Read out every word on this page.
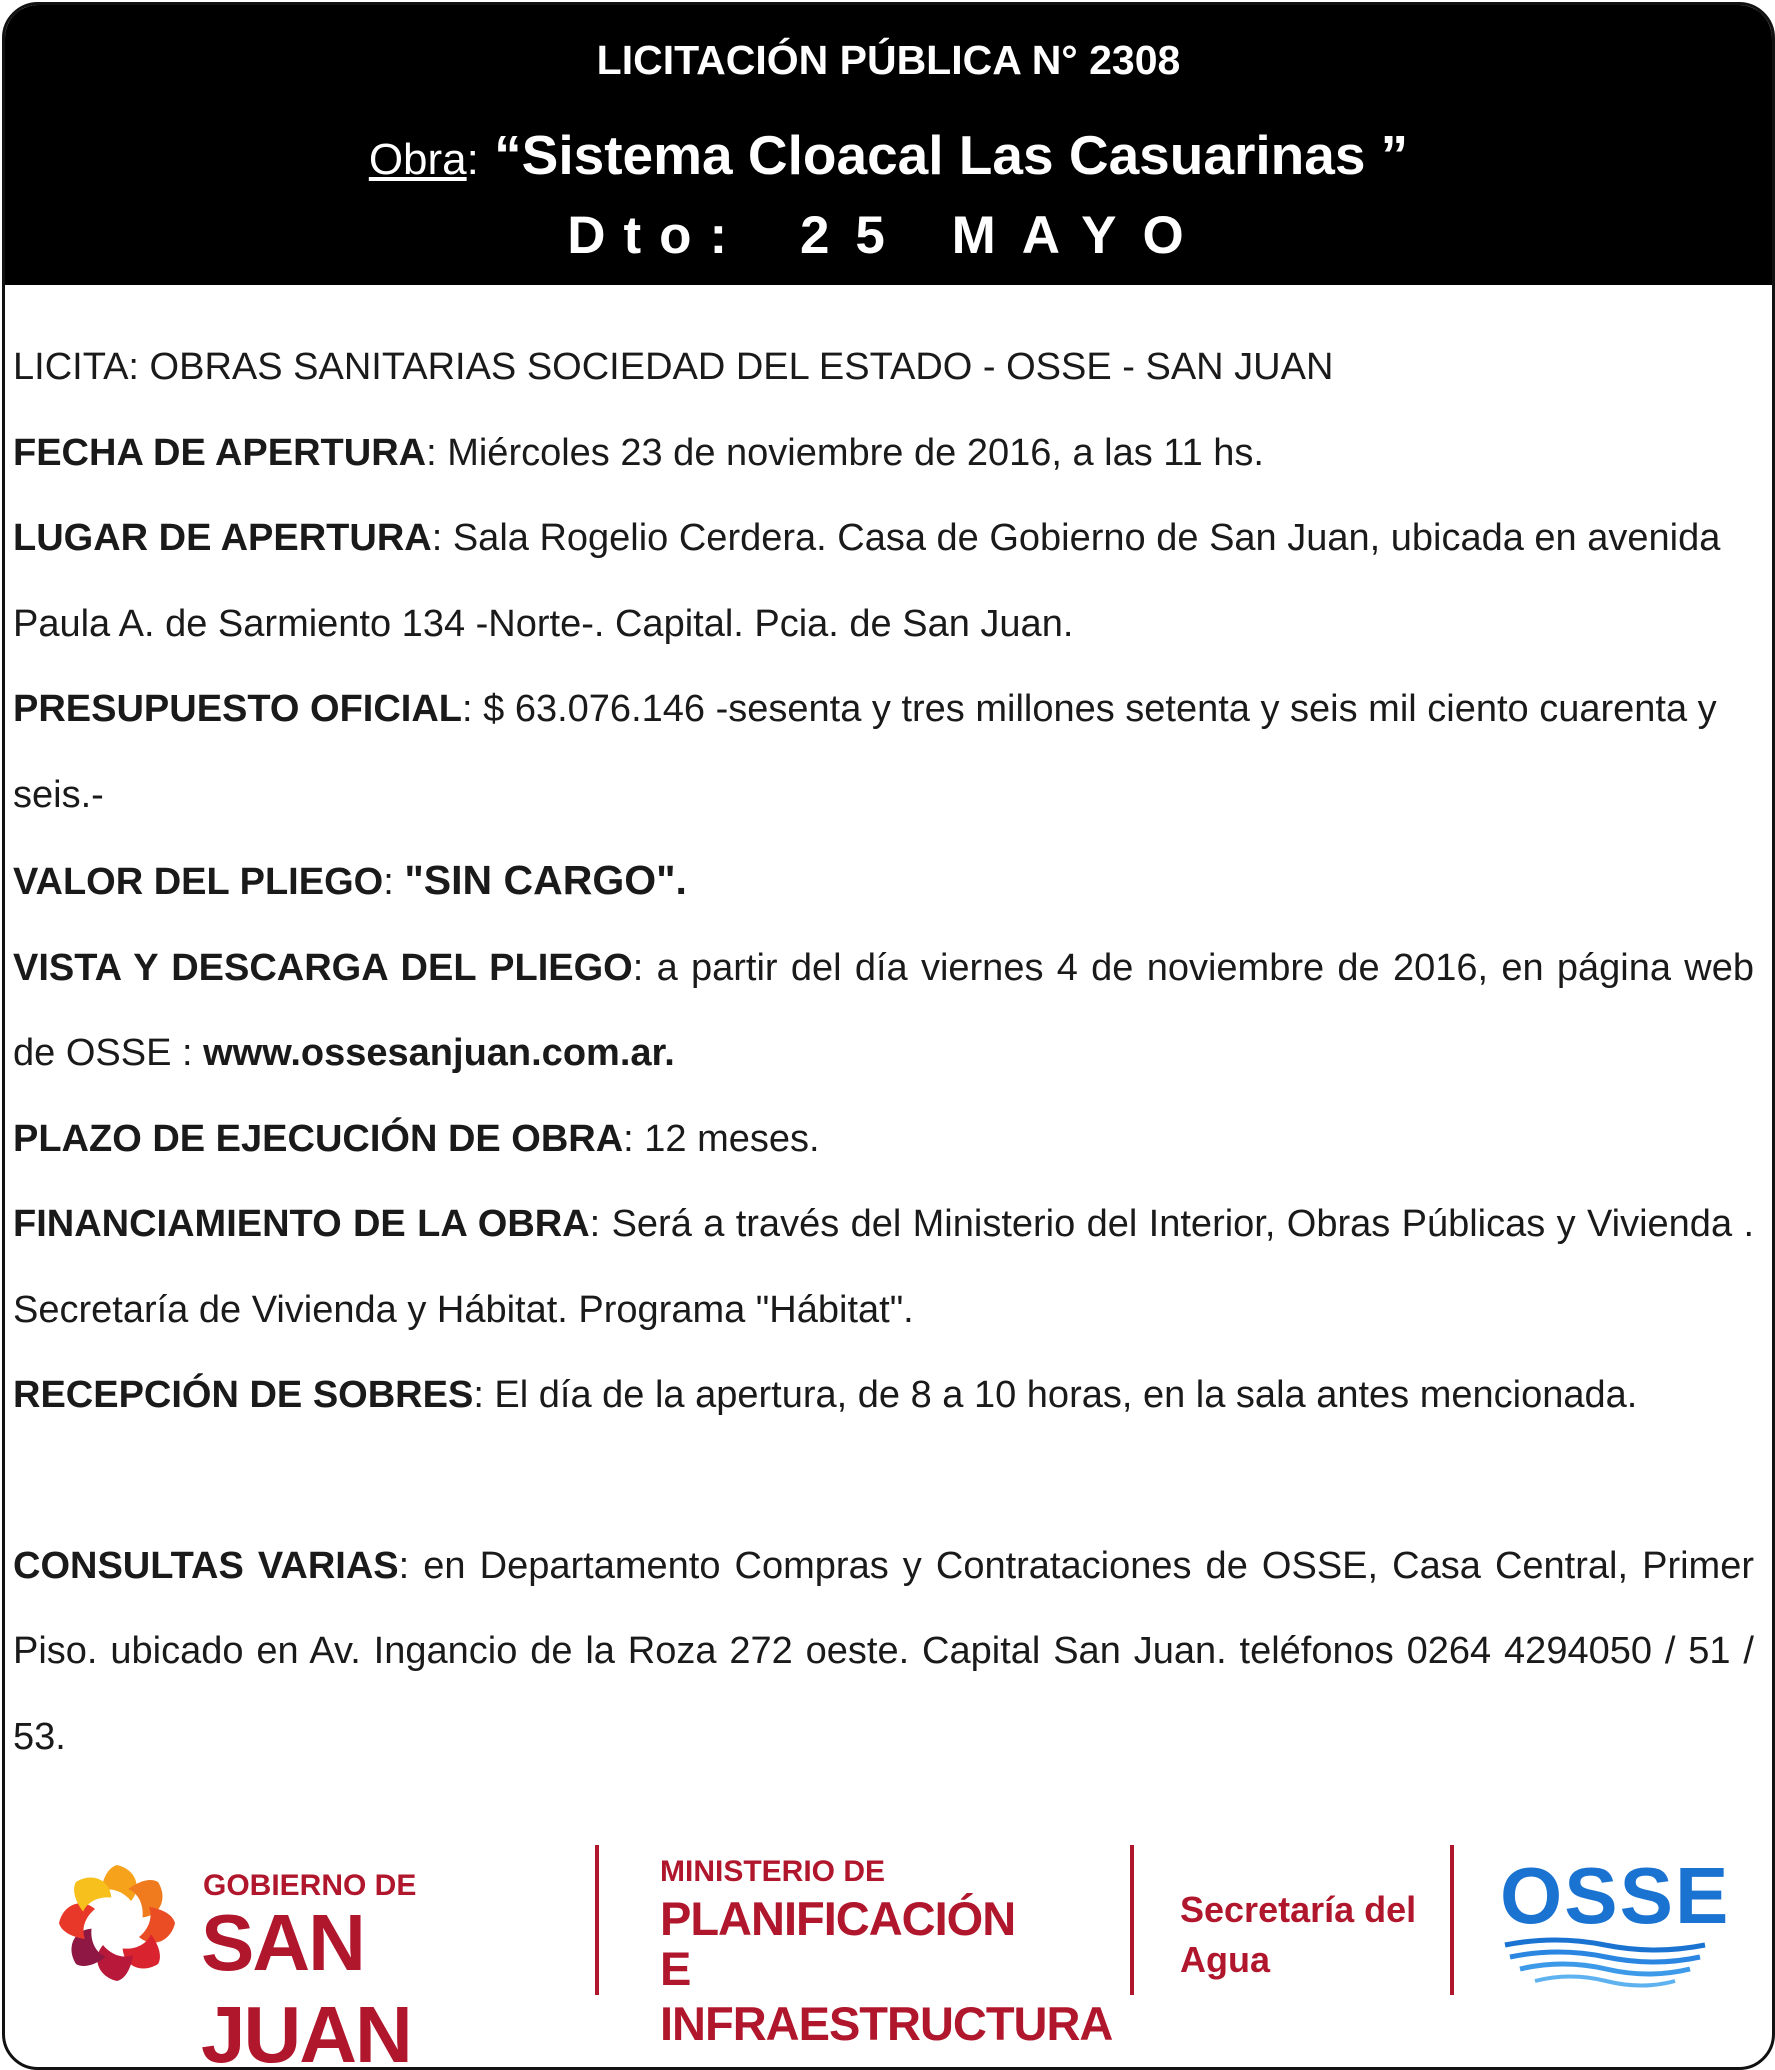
LICITACIÓN PÚBLICA N° 2308
Obra: “Sistema Cloacal Las Casuarinas ”
Dto: 25 MAYO

LICITA: OBRAS SANITARIAS SOCIEDAD DEL ESTADO - OSSE - SAN JUAN

FECHA DE APERTURA: Miércoles 23 de noviembre de 2016, a las 11 hs.

LUGAR DE APERTURA: Sala Rogelio Cerdera. Casa de Gobierno de San Juan, ubicada en avenida Paula A. de Sarmiento 134 -Norte-. Capital. Pcia. de San Juan.

PRESUPUESTO OFICIAL: $ 63.076.146 -sesenta y tres millones setenta y seis mil ciento cuarenta y seis.-

VALOR DEL PLIEGO: "SIN CARGO".

VISTA Y DESCARGA DEL PLIEGO: a partir del día viernes 4 de noviembre de 2016, en página web de OSSE : www.ossesanjuan.com.ar.

PLAZO DE EJECUCIÓN DE OBRA: 12 meses.

FINANCIAMIENTO DE LA OBRA: Será a través del Ministerio del Interior, Obras Públicas y Vivienda . Secretaría de Vivienda y Hábitat. Programa "Hábitat".

RECEPCIÓN DE SOBRES: El día de la apertura, de 8 a 10 horas, en la sala antes mencionada.

CONSULTAS VARIAS: en Departamento Compras y Contrataciones de OSSE, Casa Central, Primer Piso. ubicado en Av. Ingancio de la Roza 272 oeste. Capital San Juan. teléfonos 0264 4294050 / 51 / 53.

GOBIERNO DE
SAN JUAN
MINISTERIO DE
PLANIFICACIÓN
E INFRAESTRUCTURA
Secretaría del
Agua
OSSE
